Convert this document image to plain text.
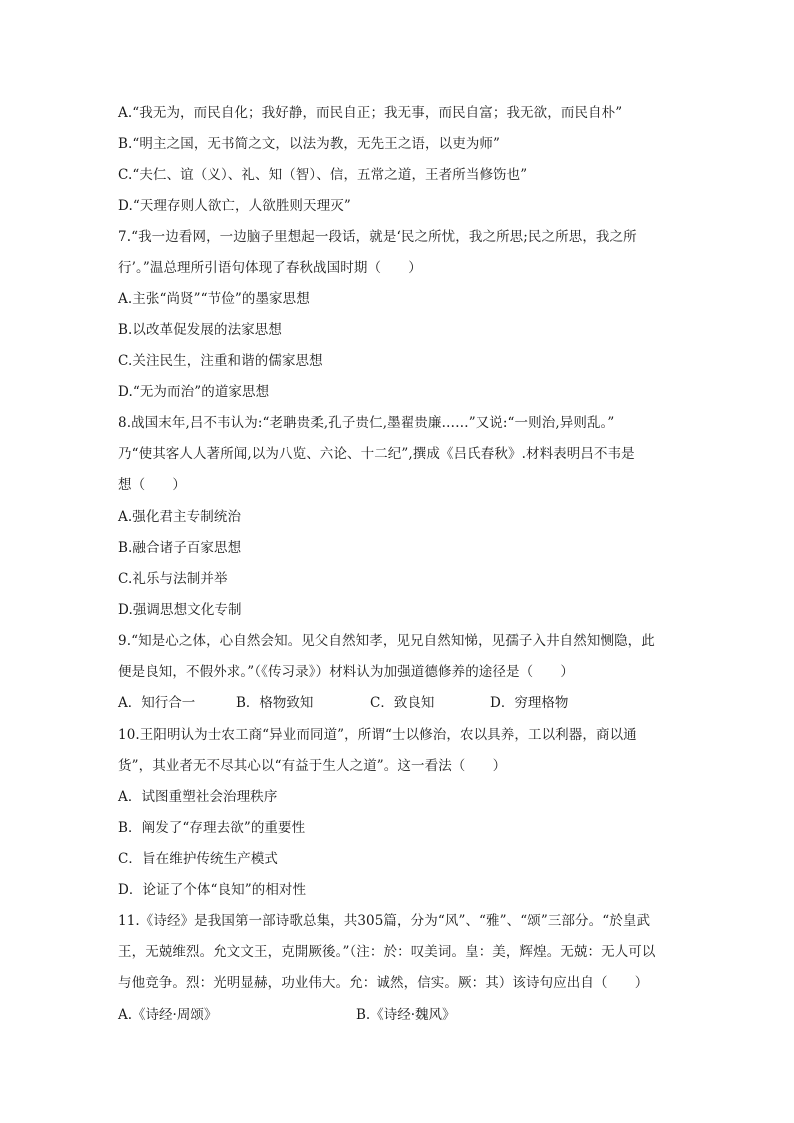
A.“我无为，而民自化；我好静，而民自正；我无事，而民自富；我无欲，而民自朴”
B.“明主之国，无书简之文，以法为教，无先王之语，以吏为师”
C.“夫仁、谊（义）、礼、知（智）、信，五常之道，王者所当修饬也”
D.“天理存则人欲亡，人欲胜则天理灭”
7.“我一边看网，一边脑子里想起一段话，就是‘民之所忧，我之所思;民之所思，我之所
行’。”温总理所引语句体现了春秋战国时期（　　）
A.主张“尚贤”“节俭”的墨家思想
B.以改革促发展的法家思想
C.关注民生，注重和谐的儒家思想
D.“无为而治”的道家思想
8.战国末年,吕不韦认为:“老聃贵柔,孔子贵仁,墨翟贵廉……”又说:“一则治,异则乱。”
乃“使其客人人著所闻,以为八览、六论、十二纪”,撰成《吕氏春秋》.材料表明吕不韦是
想（　　）
A.强化君主专制统治
B.融合诸子百家思想
C.礼乐与法制并举
D.强调思想文化专制
9.“知是心之体，心自然会知。见父自然知孝，见兄自然知悌，见孺子入井自然知恻隐，此
便是良知，不假外求。”（《传习录》）材料认为加强道德修养的途径是（　　）
A．知行合一	B．格物致知	C．致良知	D．穷理格物
10.王阳明认为士农工商“异业而同道”，所谓“士以修治，农以具养，工以利器，商以通
货”，其业者无不尽其心以“有益于生人之道”。这一看法（　　）
A．试图重塑社会治理秩序
B．阐发了“存理去欲”的重要性
C．旨在维护传统生产模式
D．论证了个体“良知”的相对性
11.《诗经》是我国第一部诗歌总集，共305篇，分为“风”、“雅”、“颂”三部分。“於皇武
王，无兢维烈。允文文王，克開厥後。”（注：於：叹美词。皇：美，辉煌。无兢：无人可以
与他竞争。烈：光明显赫，功业伟大。允：诚然，信实。厥：其）该诗句应出自（　　）
A.《诗经·周颂》	B.《诗经·魏风》
